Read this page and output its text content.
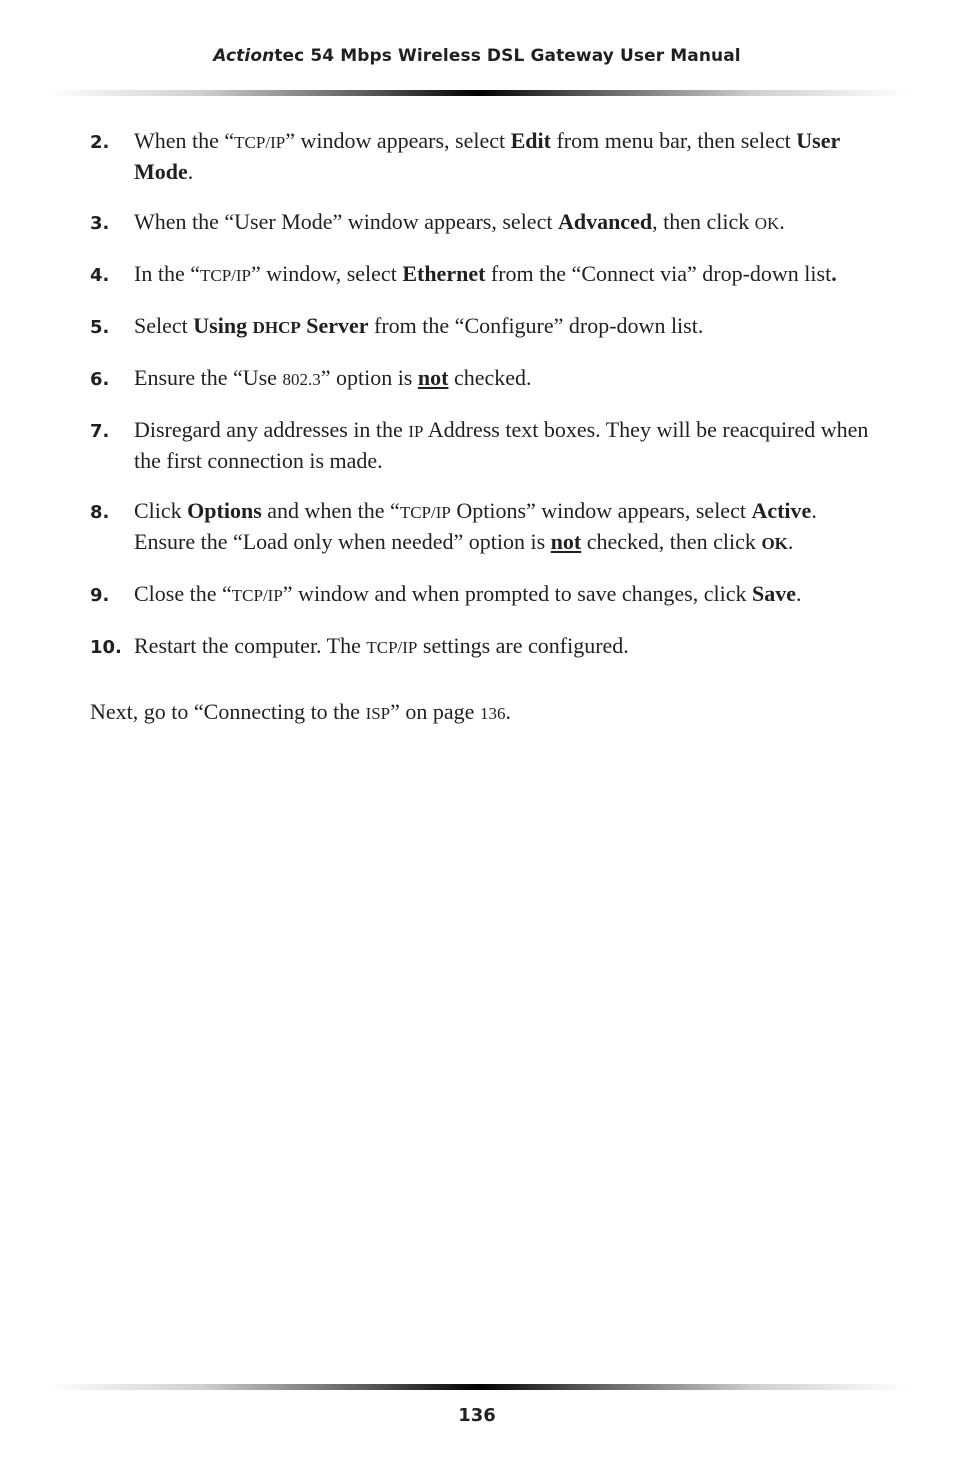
Actiontec 54 Mbps Wireless DSL Gateway User Manual
2. When the “TCP/IP” window appears, select Edit from menu bar, then select User Mode.
3. When the “User Mode” window appears, select Advanced, then click OK.
4. In the “TCP/IP” window, select Ethernet from the “Connect via” drop-down list.
5. Select Using DHCP Server from the “Configure” drop-down list.
6. Ensure the “Use 802.3” option is not checked.
7. Disregard any addresses in the IP Address text boxes. They will be reacquired when the first connection is made.
8. Click Options and when the “TCP/IP Options” window appears, select Active. Ensure the “Load only when needed” option is not checked, then click OK.
9. Close the “TCP/IP” window and when prompted to save changes, click Save.
10. Restart the computer. The TCP/IP settings are configured.
Next, go to “Connecting to the ISP” on page 136.
136
